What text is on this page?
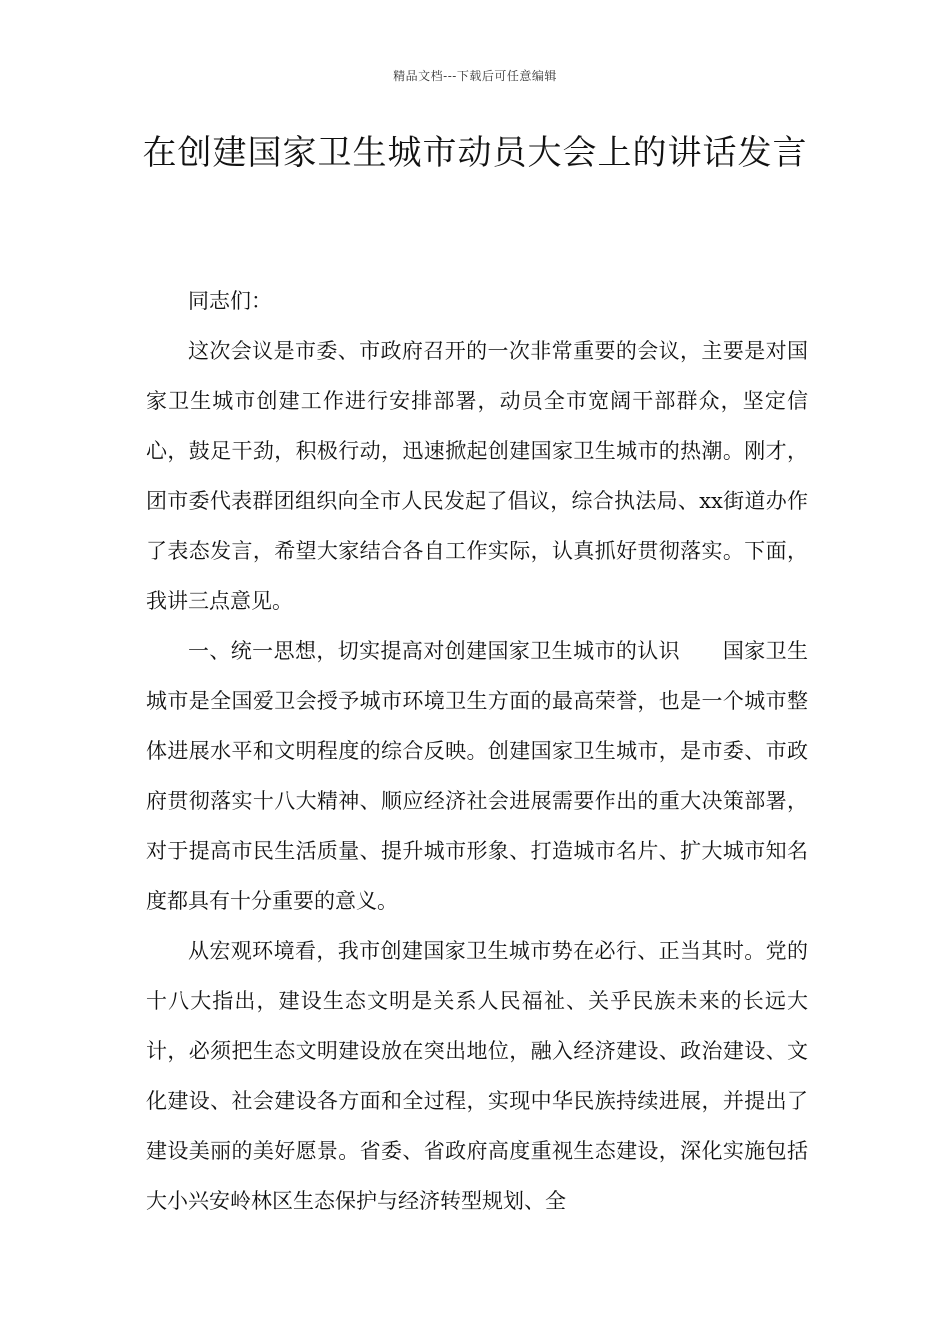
精品文档---下载后可任意编辑
在创建国家卫生城市动员大会上的讲话发言

同志们：

这次会议是市委、市政府召开的一次非常重要的会议，主要是对国家卫生城市创建工作进行安排部署，动员全市宽阔干部群众，坚定信心，鼓足干劲，积极行动，迅速掀起创建国家卫生城市的热潮。刚才，团市委代表群团组织向全市人民发起了倡议，综合执法局、xx街道办作了表态发言，希望大家结合各自工作实际，认真抓好贯彻落实。下面，我讲三点意见。

一、统一思想，切实提高对创建国家卫生城市的认识　　国家卫生城市是全国爱卫会授予城市环境卫生方面的最高荣誉，也是一个城市整体进展水平和文明程度的综合反映。创建国家卫生城市，是市委、市政府贯彻落实十八大精神、顺应经济社会进展需要作出的重大决策部署，对于提高市民生活质量、提升城市形象、打造城市名片、扩大城市知名度都具有十分重要的意义。

从宏观环境看，我市创建国家卫生城市势在必行、正当其时。党的十八大指出，建设生态文明是关系人民福祉、关乎民族未来的长远大计，必须把生态文明建设放在突出地位，融入经济建设、政治建设、文化建设、社会建设各方面和全过程，实现中华民族持续进展，并提出了建设美丽的美好愿景。省委、省政府高度重视生态建设，深化实施包括大小兴安岭林区生态保护与经济转型规划、全
